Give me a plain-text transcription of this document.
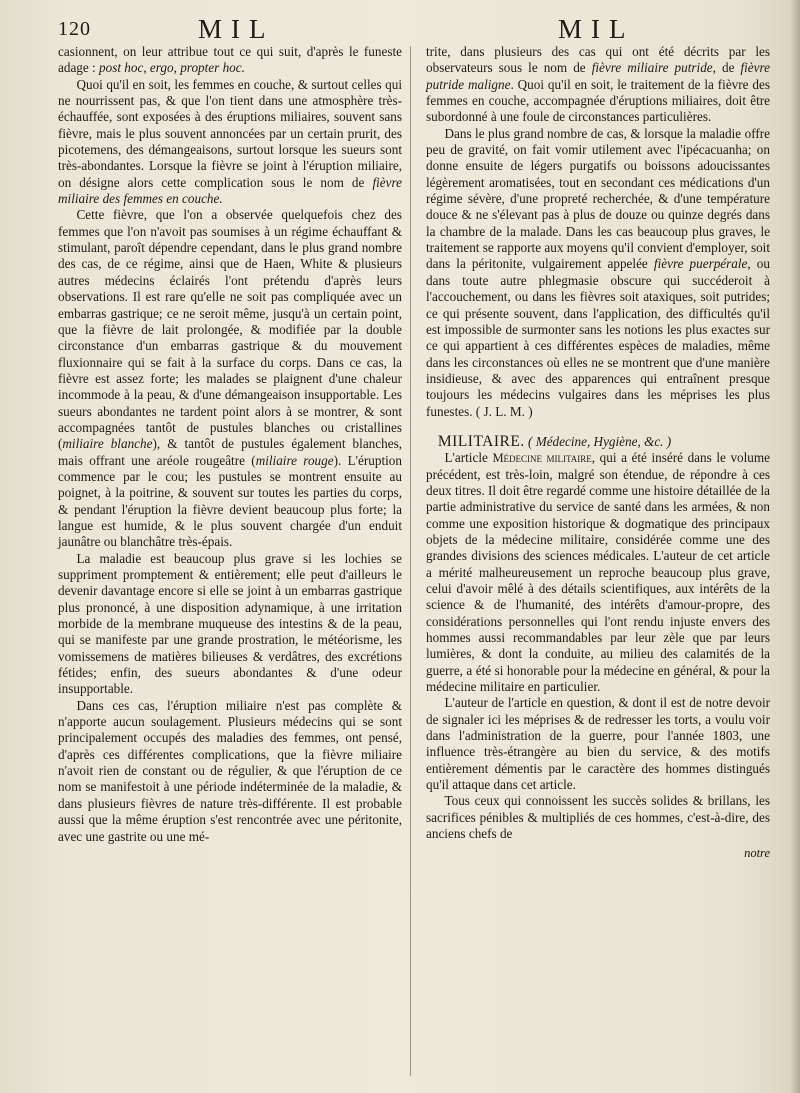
120	MIL	MIL

casionnent, on leur attribue tout ce qui suit, d'après le funeste adage : post hoc, ergo, propter hoc.

Quoi qu'il en soit, les femmes en couche, & surtout celles qui ne nourrissent pas, & que l'on tient dans une atmosphère très-échauffée, sont exposées à des éruptions miliaires, souvent sans fièvre, mais le plus souvent annoncées par un certain prurit, des picotemens, des démangeaisons, surtout lorsque les sueurs sont très-abondantes. Lorsque la fièvre se joint à l'éruption miliaire, on désigne alors cette complication sous le nom de fièvre miliaire des femmes en couche.

Cette fièvre, que l'on a observée quelquefois chez des femmes que l'on n'avoit pas soumises à un régime échauffant & stimulant, paroît dépendre cependant, dans le plus grand nombre des cas, de ce régime, ainsi que de Haen, White & plusieurs autres médecins éclairés l'ont prétendu d'après leurs observations. Il est rare qu'elle ne soit pas compliquée avec un embarras gastrique; ce ne seroit même, jusqu'à un certain point, que la fièvre de lait prolongée, & modifiée par la double circonstance d'un embarras gastrique & du mouvement fluxionnaire qui se fait à la surface du corps. Dans ce cas, la fièvre est assez forte; les malades se plaignent d'une chaleur incommode à la peau, & d'une démangeaison insupportable. Les sueurs abondantes ne tardent point alors à se montrer, & sont accompagnées tantôt de pustules blanches ou cristallines (miliaire blanche), & tantôt de pustules également blanches, mais offrant une aréole rougeâtre (miliaire rouge). L'éruption commence par le cou; les pustules se montrent ensuite au poignet, à la poitrine, & souvent sur toutes les parties du corps, & pendant l'éruption la fièvre devient beaucoup plus forte; la langue est humide, & le plus souvent chargée d'un enduit jaunâtre ou blanchâtre très-épais.

La maladie est beaucoup plus grave si les lochies se suppriment promptement & entièrement; elle peut d'ailleurs le devenir davantage encore si elle se joint à un embarras gastrique plus prononcé, à une disposition adynamique, à une irritation morbide de la membrane muqueuse des intestins & de la peau, qui se manifeste par une grande prostration, le météorisme, les vomissemens de matières bilieuses & verdâtres, des excrétions fétides; enfin, des sueurs abondantes & d'une odeur insupportable.

Dans ces cas, l'éruption miliaire n'est pas complète & n'apporte aucun soulagement. Plusieurs médecins qui se sont principalement occupés des maladies des femmes, ont pensé, d'après ces différentes complications, que la fièvre miliaire n'avoit rien de constant ou de régulier, & que l'éruption de ce nom se manifestoit à une période indéterminée de la maladie, & dans plusieurs fièvres de nature très-différente. Il est probable aussi que la même éruption s'est rencontrée avec une péritonite, avec une gastrite ou une mé-

trite, dans plusieurs des cas qui ont été décrits par les observateurs sous le nom de fièvre miliaire putride, de fièvre putride maligne. Quoi qu'il en soit, le traitement de la fièvre des femmes en couche, accompagnée d'éruptions miliaires, doit être subordonné à une foule de circonstances particulières.

Dans le plus grand nombre de cas, & lorsque la maladie offre peu de gravité, on fait vomir utilement avec l'ipécacuanha; on donne ensuite de légers purgatifs ou boissons adoucissantes légèrement aromatisées, tout en secondant ces médications d'un régime sévère, d'une propreté recherchée, & d'une température douce & ne s'élevant pas à plus de douze ou quinze degrés dans la chambre de la malade. Dans les cas beaucoup plus graves, le traitement se rapporte aux moyens qu'il convient d'employer, soit dans la péritonite, vulgairement appelée fièvre puerpérale, ou dans toute autre phlegmasie obscure qui succéderoit à l'accouchement, ou dans les fièvres soit ataxiques, soit putrides; ce qui présente souvent, dans l'application, des difficultés qu'il est impossible de surmonter sans les notions les plus exactes sur ce qui appartient à ces différentes espèces de maladies, même dans les circonstances où elles ne se montrent que d'une manière insidieuse, & avec des apparences qui entraînent presque toujours les médecins vulgaires dans les méprises les plus funestes. ( J. L. M. )

MILITAIRE. ( Médecine, Hygiène, &c. )

L'article Médecine militaire, qui a été inséré dans le volume précédent, est très-loin, malgré son étendue, de répondre à ces deux titres. Il doit être regardé comme une histoire détaillée de la partie administrative du service de santé dans les armées, & non comme une exposition historique & dogmatique des principaux objets de la médecine militaire, considérée comme une des grandes divisions des sciences médicales. L'auteur de cet article a mérité malheureusement un reproche beaucoup plus grave, celui d'avoir mêlé à des détails scientifiques, aux intérêts de la science & de l'humanité, des intérêts d'amour-propre, des considérations personnelles qui l'ont rendu injuste envers des hommes aussi recommandables par leur zèle que par leurs lumières, & dont la conduite, au milieu des calamités de la guerre, a été si honorable pour la médecine en général, & pour la médecine militaire en particulier.

L'auteur de l'article en question, & dont il est de notre devoir de signaler ici les méprises & de redresser les torts, a voulu voir dans l'administration de la guerre, pour l'année 1803, une influence très-étrangère au bien du service, & des motifs entièrement démentis par le caractère des hommes distingués qu'il attaque dans cet article.

Tous ceux qui connoissent les succès solides & brillans, les sacrifices pénibles & multipliés de ces hommes, c'est-à-dire, des anciens chefs de

notre
